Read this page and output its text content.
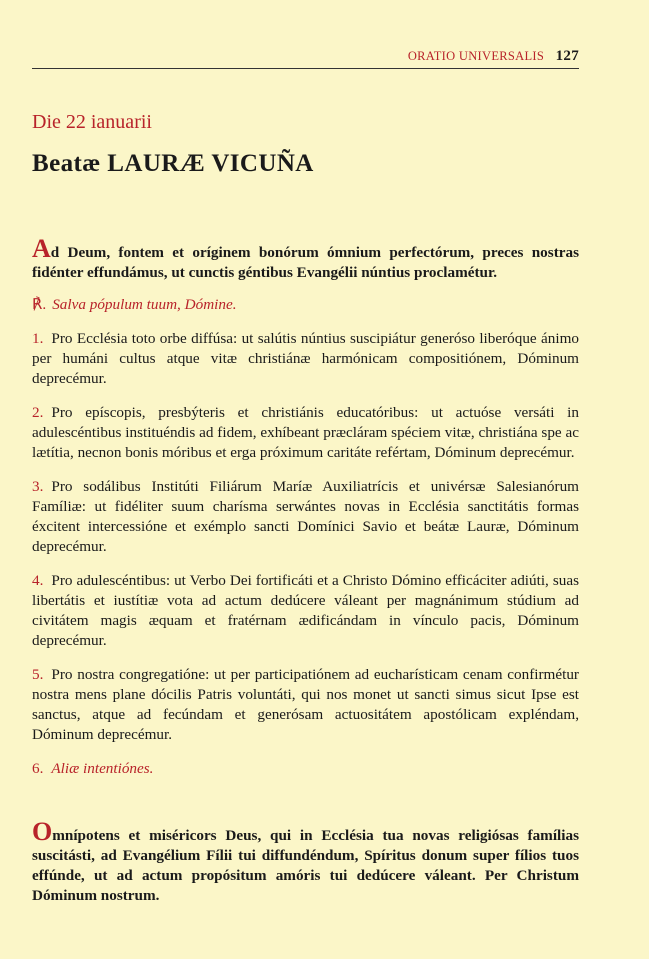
ORATIO UNIVERSALIS 127
Die 22 ianuarii
Beatæ LAURÆ VICUÑA

Ad Deum, fontem et oríginem bonórum ómnium perfectórum, preces nostras fidénter effundámus, ut cunctis géntibus Evangélii núntius proclamétur.

℟. Salva pópulum tuum, Dómine.

1. Pro Ecclésia toto orbe diffúsa: ut salútis núntius suscipiátur generóso liberóque ánimo per humáni cultus atque vitæ christiánæ harmónicam compositiónem, Dóminum deprecémur.

2. Pro epíscopis, presbýteris et christiánis educatóribus: ut actuóse versáti in adulescéntibus instituéndis ad fidem, exhíbeant præcláram spéciem vitæ, christiána spe ac lætítia, necnon bonis móribus et erga próximum caritáte refértam, Dóminum deprecémur.

3. Pro sodálibus Institúti Filiárum Maríæ Auxiliatrícis et univérsæ Salesianórum Famíliæ: ut fidéliter suum charísma serwántes novas in Ecclésia sanctitátis formas éxcitent intercessióne et exémplo sancti Domínici Savio et beátæ Lauræ, Dóminum deprecémur.

4. Pro adulescéntibus: ut Verbo Dei fortificáti et a Christo Dómino efficáciter adiúti, suas libertátis et iustítiæ vota ad actum dedúcere váleant per magnánimum stúdium ad civitátem magis æquam et fratérnam ædificándam in vínculo pacis, Dóminum deprecémur.

5. Pro nostra congregatióne: ut per participatiónem ad eucharísticam cenam confirmétur nostra mens plane dócilis Patris voluntáti, qui nos monet ut sancti simus sicut Ipse est sanctus, atque ad fecúndam et generósam actuositátem apostólicam expléndam, Dóminum deprecémur.

6. Aliæ intentiónes.

Omnípotens et miséricors Deus, qui in Ecclésia tua novas religiósas famílias suscitásti, ad Evangélium Fílii tui diffundéndum, Spíritus donum super fílios tuos effúnde, ut ad actum propósitum amóris tui dedúcere váleant. Per Christum Dóminum nostrum.
